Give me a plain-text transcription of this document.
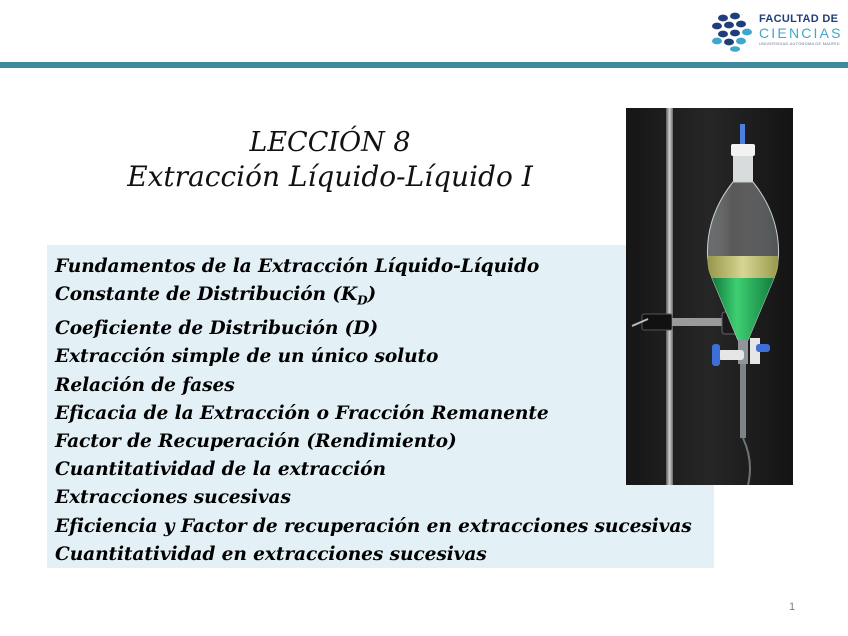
FACULTAD DE
CIENCIAS
UNIVERSIDAD AUTÓNOMA DE MADRID
LECCIÓN 8
Extracción Líquido-Líquido I
Fundamentos de la Extracción Líquido-Líquido
Constante de Distribución $(K_D)$
Coeficiente de Distribución (D)
Extracción simple de un único soluto
Relación de fases
Eficacia de la Extracción o Fracción Remanente
Factor de Recuperación (Rendimiento)
Cuantitatividad de la extracción
Extracciones sucesivas
Eficiencia y Factor de recuperación en extracciones sucesivas
Cuantitatividad en extracciones sucesivas
1
